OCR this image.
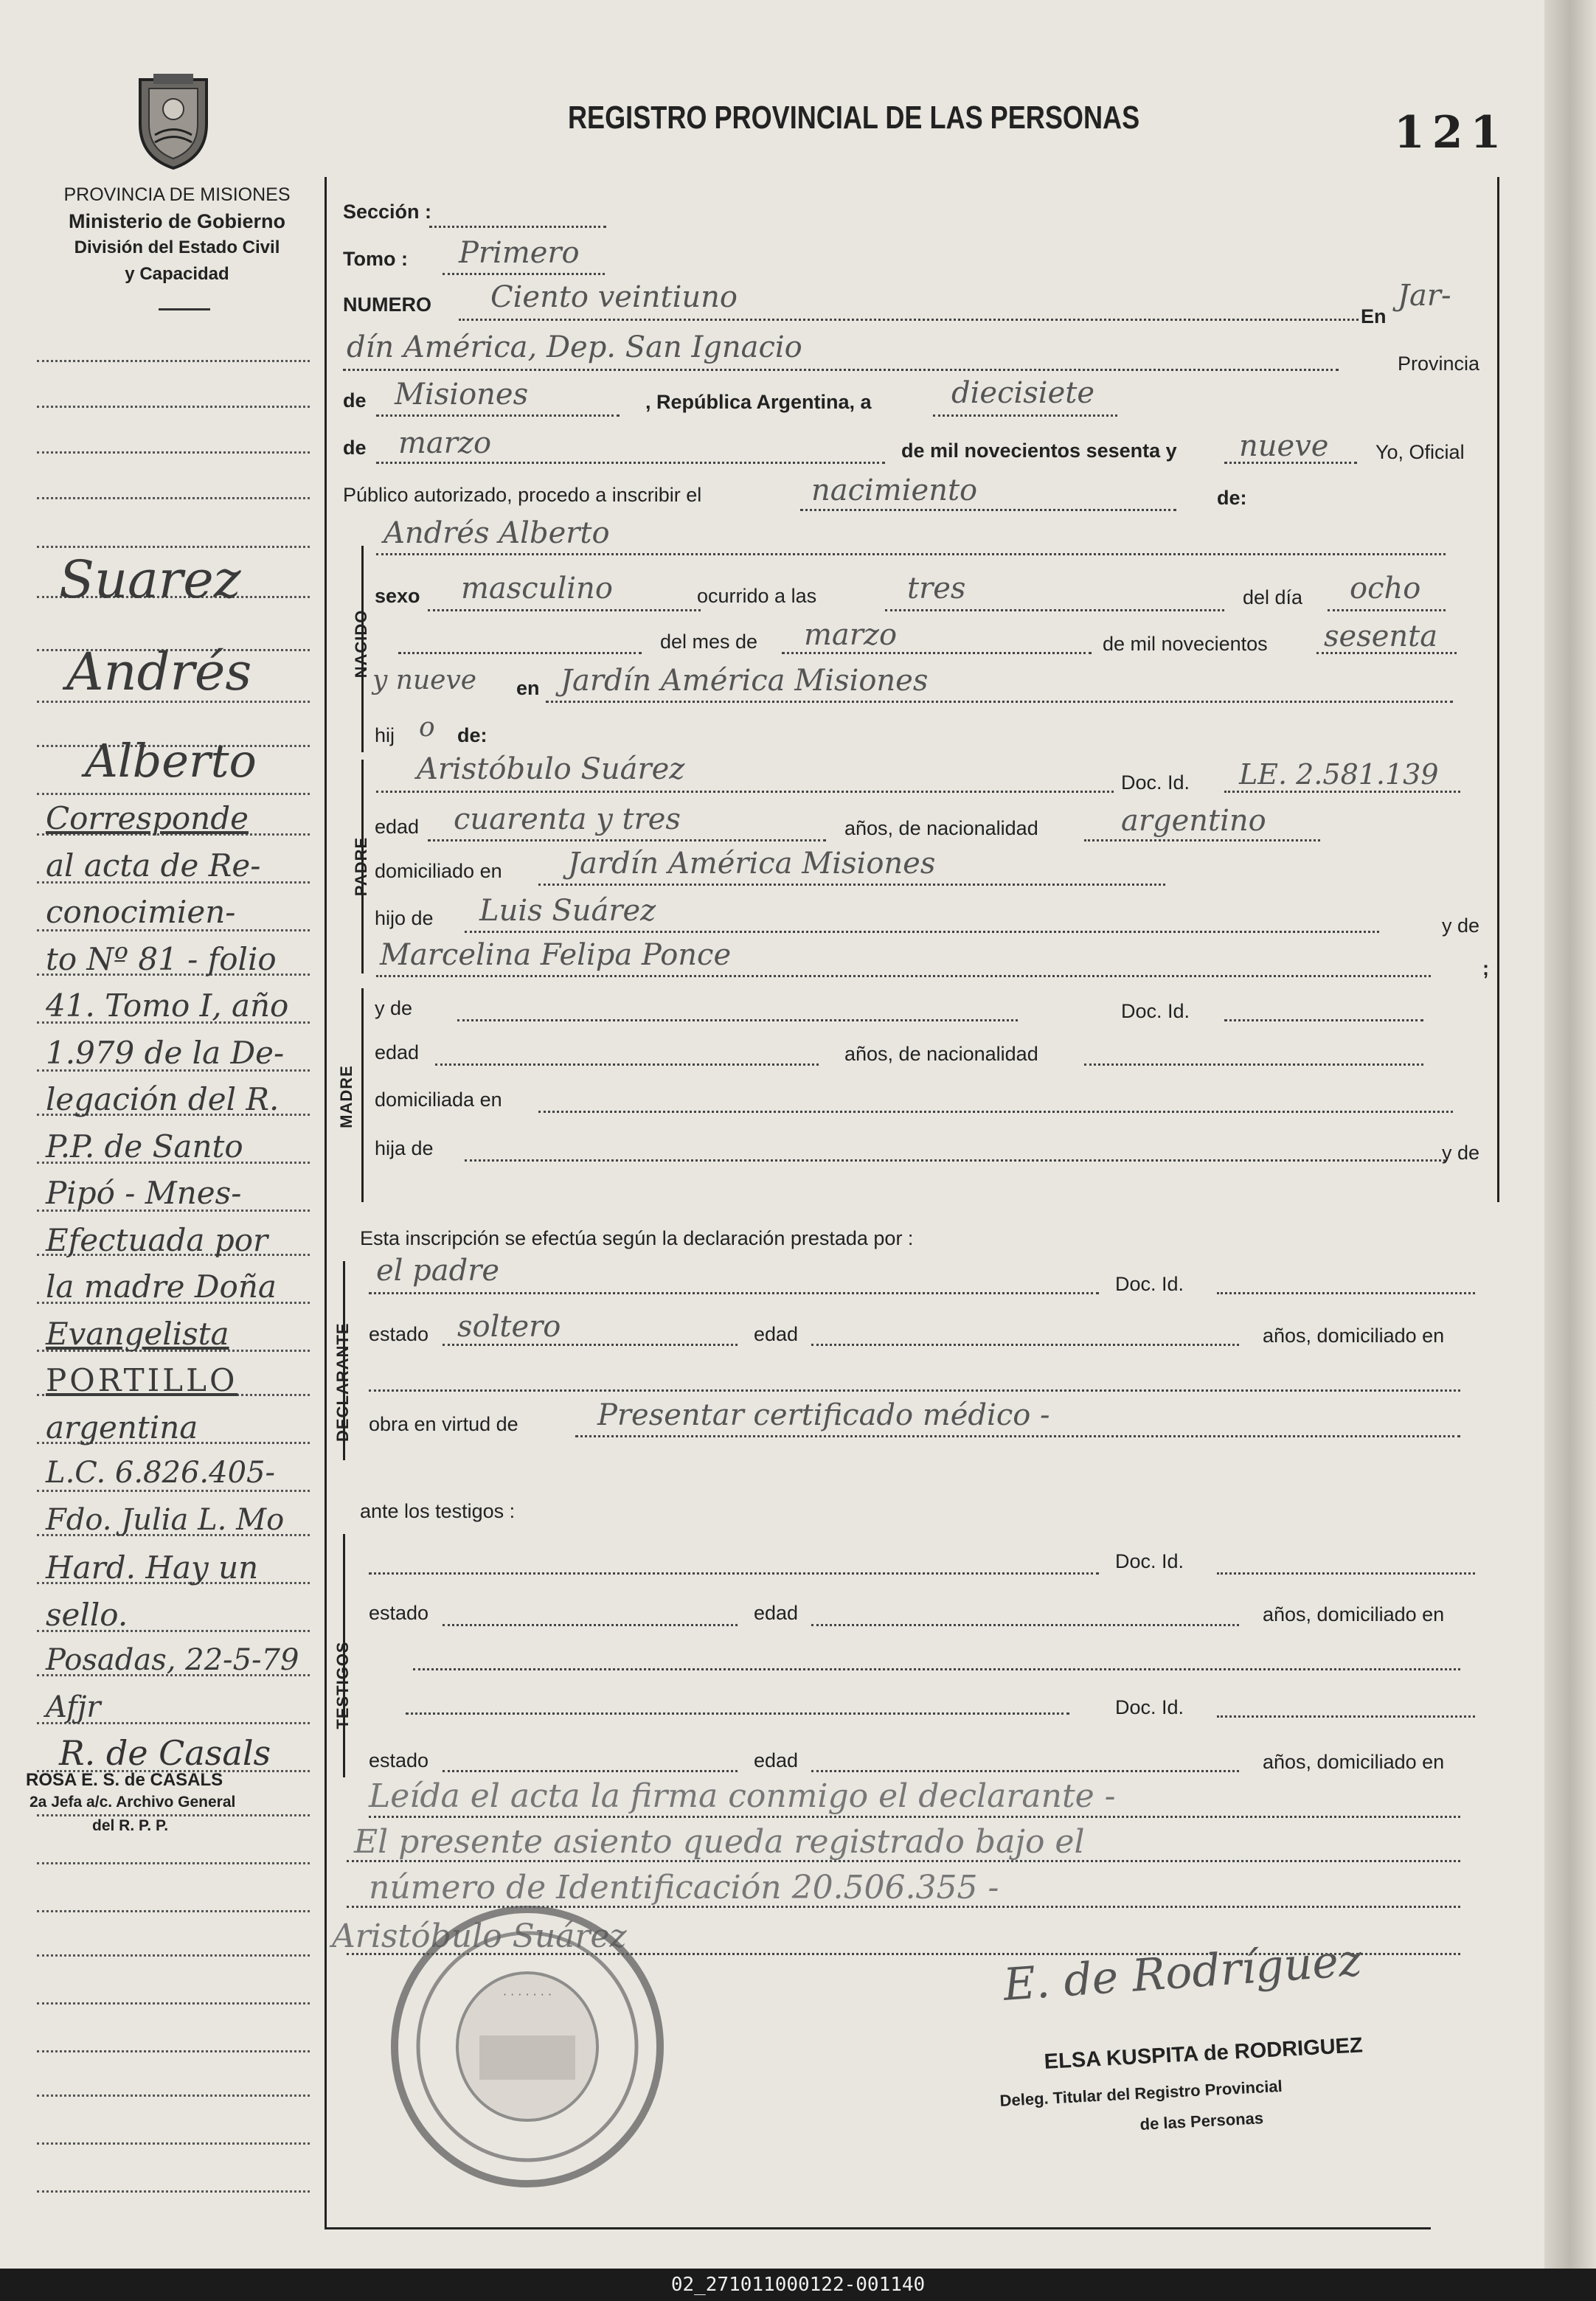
PROVINCIA DE MISIONES
Ministerio de Gobierno
División del Estado Civil
y Capacidad
REGISTRO PROVINCIAL DE LAS PERSONAS	121
Suarez
Andrés
Alberto
Corresponde
al acta de Re-
conocimien-
to Nº 81 - folio
41. Tomo I, año
1.979 de la De-
legación del R.
P.P. de Santo
Pipó - Mnes-
Efectuada por
la madre Doña
Evangelista
PORTILLO
argentina
L.C. 6.826.405-
Fdo. Julia L. Mo
Hard. Hay un
sello.
Posadas, 22-5-79
Afjr
R. de Casals
ROSA E. S. de CASALS
2a Jefa a/c. Archivo General
del R. P. P.
Sección :
Tomo : Primero
NUMERO Ciento veintiuno
En
Jar-
dín América, Dep. San Ignacio	Provincia
de Misiones	, República Argentina, a	diecisiete
de marzo	de mil novecientos sesenta y nueve Yo, Oficial
Público autorizado, procedo a inscribir el	nacimiento	de:
NACIDO
Andrés Alberto
sexo masculino	ocurrido a las	tres	del día ocho
del mes de marzo	de mil novecientos sesenta
y nueve en Jardín América Misiones
hij o de:
PADRE
Aristóbulo Suárez	Doc. Id. LE. 2.581.139
edad cuarenta y tres	años, de nacionalidad	argentino
domiciliado en Jardín América Misiones
hijo de Luis Suárez	y de
Marcelina Felipa Ponce	;
MADRE
y de	Doc. Id.
edad	años, de nacionalidad
domiciliada en
hija de	y de
Esta inscripción se efectúa según la declaración prestada por :
DECLARANTE
el padre	Doc. Id.
estado soltero	edad	años, domiciliado en
obra en virtud de	Presentar certificado médico -
ante los testigos :
TESTIGOS
Doc. Id.
estado	edad	años, domiciliado en
Doc. Id.
estado	edad	años, domiciliado en
Leída el acta la firma conmigo el declarante -
El presente asiento queda registrado bajo el
número de Identificación 20.506.355 -
Aristóbulo Suárez
· · · · · · ·	E. de Rodríguez
ELSA KUSPITA de RODRIGUEZ
Deleg. Titular del Registro Provincial
de las Personas
02_271011000122-001140
